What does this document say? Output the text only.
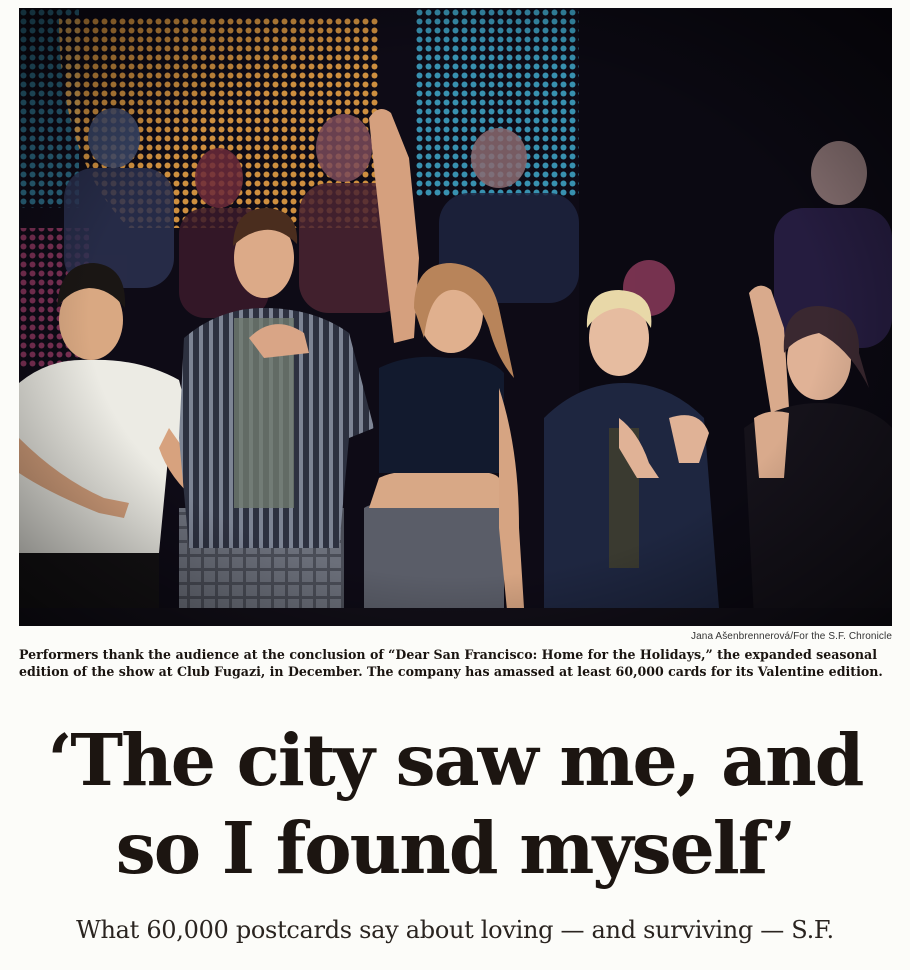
Jana Ašenbrennerová/For the S.F. Chronicle
Performers thank the audience at the conclusion of “Dear San Francisco: Home for the Holidays,” the expanded seasonal edition of the show at Club Fugazi, in December. The company has amassed at least 60,000 cards for its Valentine edition.
‘The city saw me, and
so I found myself’
What 60,000 postcards say about loving — and surviving — S.F.
